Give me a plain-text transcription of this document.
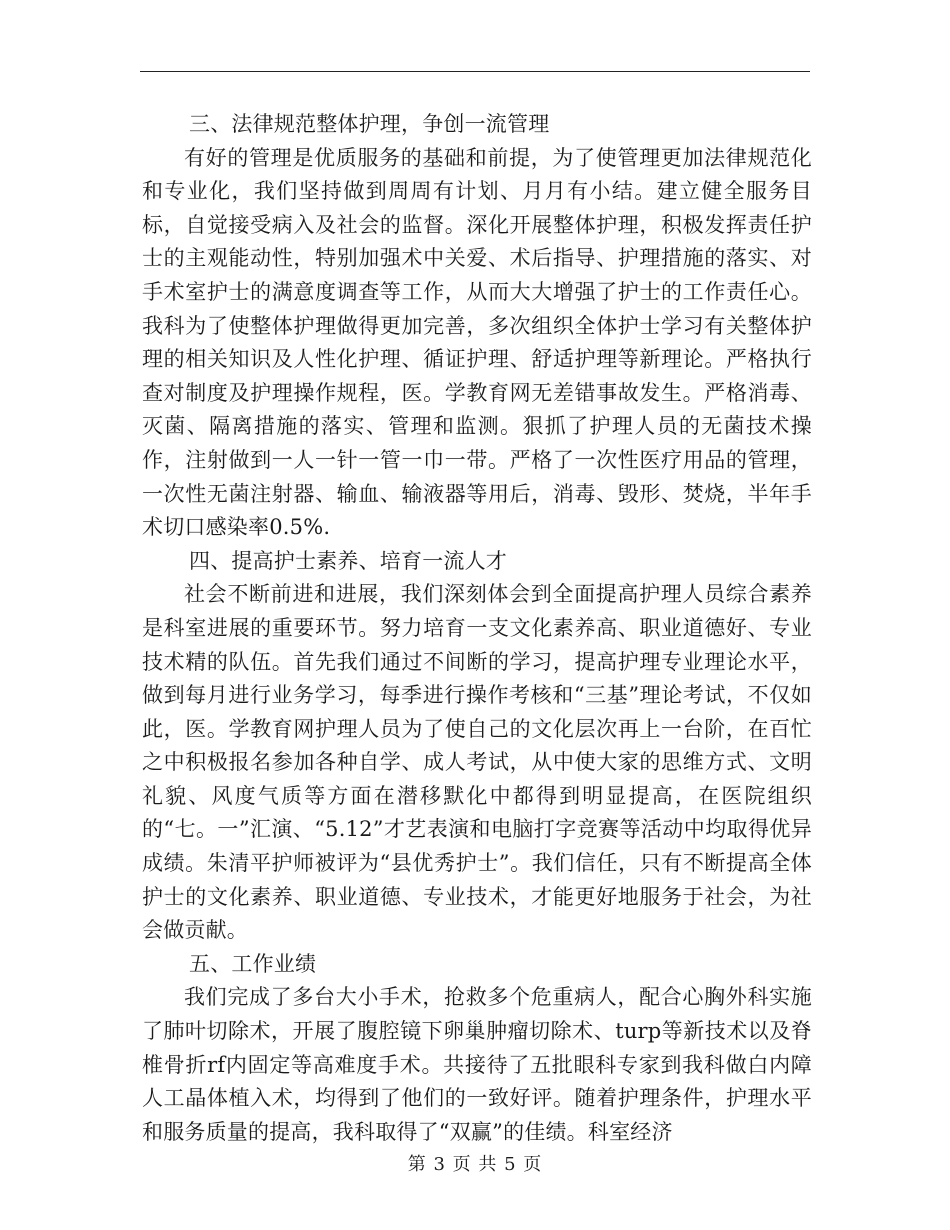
三、法律规范整体护理，争创一流管理

有好的管理是优质服务的基础和前提，为了使管理更加法律规范化和专业化，我们坚持做到周周有计划、月月有小结。建立健全服务目标，自觉接受病入及社会的监督。深化开展整体护理，积极发挥责任护士的主观能动性，特别加强术中关爱、术后指导、护理措施的落实、对手术室护士的满意度调查等工作，从而大大增强了护士的工作责任心。我科为了使整体护理做得更加完善，多次组织全体护士学习有关整体护理的相关知识及人性化护理、循证护理、舒适护理等新理论。严格执行查对制度及护理操作规程，医。学教育网无差错事故发生。严格消毒、灭菌、隔离措施的落实、管理和监测。狠抓了护理人员的无菌技术操作，注射做到一人一针一管一巾一带。严格了一次性医疗用品的管理，一次性无菌注射器、输血、输液器等用后，消毒、毁形、焚烧，半年手术切口感染率0.5%.

四、提高护士素养、培育一流人才

社会不断前进和进展，我们深刻体会到全面提高护理人员综合素养是科室进展的重要环节。努力培育一支文化素养高、职业道德好、专业技术精的队伍。首先我们通过不间断的学习，提高护理专业理论水平，做到每月进行业务学习，每季进行操作考核和“三基”理论考试，不仅如此，医。学教育网护理人员为了使自己的文化层次再上一台阶，在百忙之中积极报名参加各种自学、成人考试，从中使大家的思维方式、文明礼貌、风度气质等方面在潜移默化中都得到明显提高，在医院组织的“七。一”汇演、“5.12”才艺表演和电脑打字竞赛等活动中均取得优异成绩。朱清平护师被评为“县优秀护士”。我们信任，只有不断提高全体护士的文化素养、职业道德、专业技术，才能更好地服务于社会，为社会做贡献。

五、工作业绩

我们完成了多台大小手术，抢救多个危重病人，配合心胸外科实施了肺叶切除术，开展了腹腔镜下卵巢肿瘤切除术、turp等新技术以及脊椎骨折rf内固定等高难度手术。共接待了五批眼科专家到我科做白内障人工晶体植入术，均得到了他们的一致好评。随着护理条件，护理水平和服务质量的提高，我科取得了“双赢”的佳绩。科室经济

第 3 页 共 5 页
